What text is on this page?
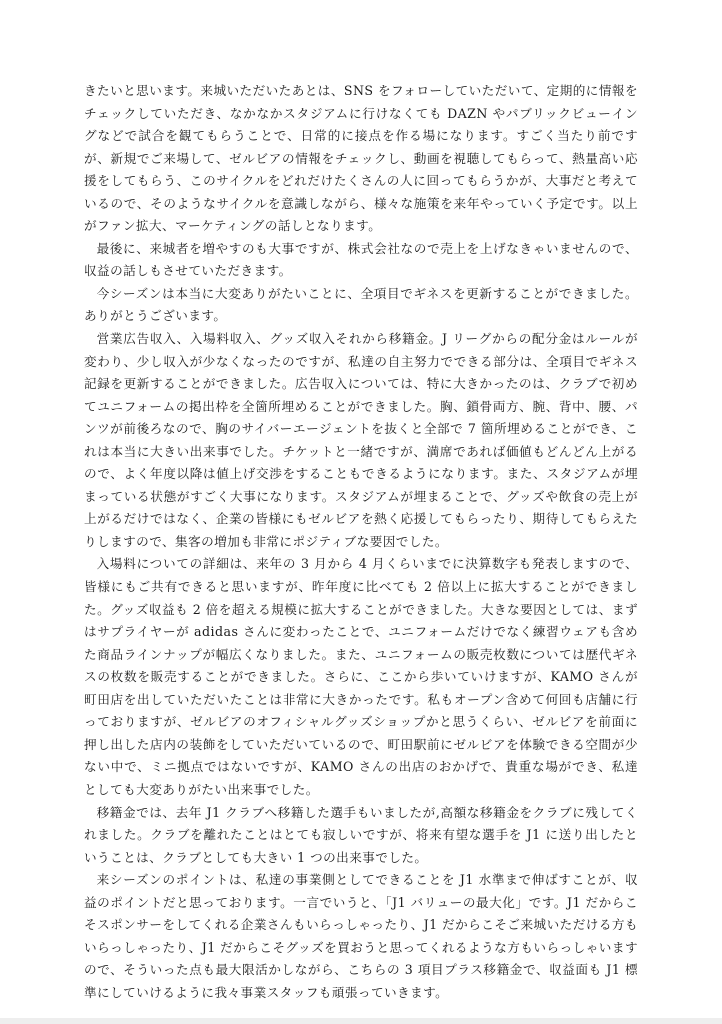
きたいと思います。来城いただいたあとは、SNS をフォローしていただいて、定期的に情報をチェックしていただき、なかなかスタジアムに行けなくても DAZN やパブリックビューイングなどで試合を観てもらうことで、日常的に接点を作る場になります。すごく当たり前ですが、新規でご来場して、ゼルビアの情報をチェックし、動画を視聴してもらって、熱量高い応援をしてもらう、このサイクルをどれだけたくさんの人に回ってもらうかが、大事だと考えているので、そのようなサイクルを意識しながら、様々な施策を来年やっていく予定です。以上がファン拡大、マーケティングの話しとなります。

最後に、来城者を増やすのも大事ですが、株式会社なので売上を上げなきゃいませんので、収益の話しもさせていただきます。

今シーズンは本当に大変ありがたいことに、全項目でギネスを更新することができました。ありがとうございます。

営業広告収入、入場料収入、グッズ収入それから移籍金。J リーグからの配分金はルールが変わり、少し収入が少なくなったのですが、私達の自主努力でできる部分は、全項目でギネス記録を更新することができました。広告収入については、特に大きかったのは、クラブで初めてユニフォームの掲出枠を全箇所埋めることができました。胸、鎖骨両方、腕、背中、腰、パンツが前後ろなので、胸のサイバーエージェントを抜くと全部で 7 箇所埋めることができ、これは本当に大きい出来事でした。チケットと一緒ですが、満席であれば価値もどんどん上がるので、よく年度以降は値上げ交渉をすることもできるようになります。また、スタジアムが埋まっている状態がすごく大事になります。スタジアムが埋まることで、グッズや飲食の売上が上がるだけではなく、企業の皆様にもゼルビアを熱く応援してもらったり、期待してもらえたりしますので、集客の増加も非常にポジティブな要因でした。

入場料についての詳細は、来年の 3 月から 4 月くらいまでに決算数字も発表しますので、皆様にもご共有できると思いますが、昨年度に比べても 2 倍以上に拡大することができました。グッズ収益も 2 倍を超える規模に拡大することができました。大きな要因としては、まずはサプライヤーが adidas さんに変わったことで、ユニフォームだけでなく練習ウェアも含めた商品ラインナップが幅広くなりました。また、ユニフォームの販売枚数については歴代ギネスの枚数を販売することができました。さらに、ここから歩いていけますが、KAMO さんが町田店を出していただいたことは非常に大きかったです。私もオープン含めて何回も店舗に行っておりますが、ゼルビアのオフィシャルグッズショップかと思うくらい、ゼルビアを前面に押し出した店内の装飾をしていただいているので、町田駅前にゼルビアを体験できる空間が少ない中で、ミニ拠点ではないですが、KAMO さんの出店のおかげで、貴重な場ができ、私達としても大変ありがたい出来事でした。

移籍金では、去年 J1 クラブへ移籍した選手もいましたが,高額な移籍金をクラブに残してくれました。クラブを離れたことはとても寂しいですが、将来有望な選手を J1 に送り出したということは、クラブとしても大きい 1 つの出来事でした。

来シーズンのポイントは、私達の事業側としてできることを J1 水準まで伸ばすことが、収益のポイントだと思っております。一言でいうと、「J1 バリューの最大化」です。J1 だからこそスポンサーをしてくれる企業さんもいらっしゃったり、J1 だからこそご来城いただける方もいらっしゃったり、J1 だからこそグッズを買おうと思ってくれるような方もいらっしゃいますので、そういった点も最大限活かしながら、こちらの 3 項目プラス移籍金で、収益面も J1 標準にしていけるように我々事業スタッフも頑張っていきます。
